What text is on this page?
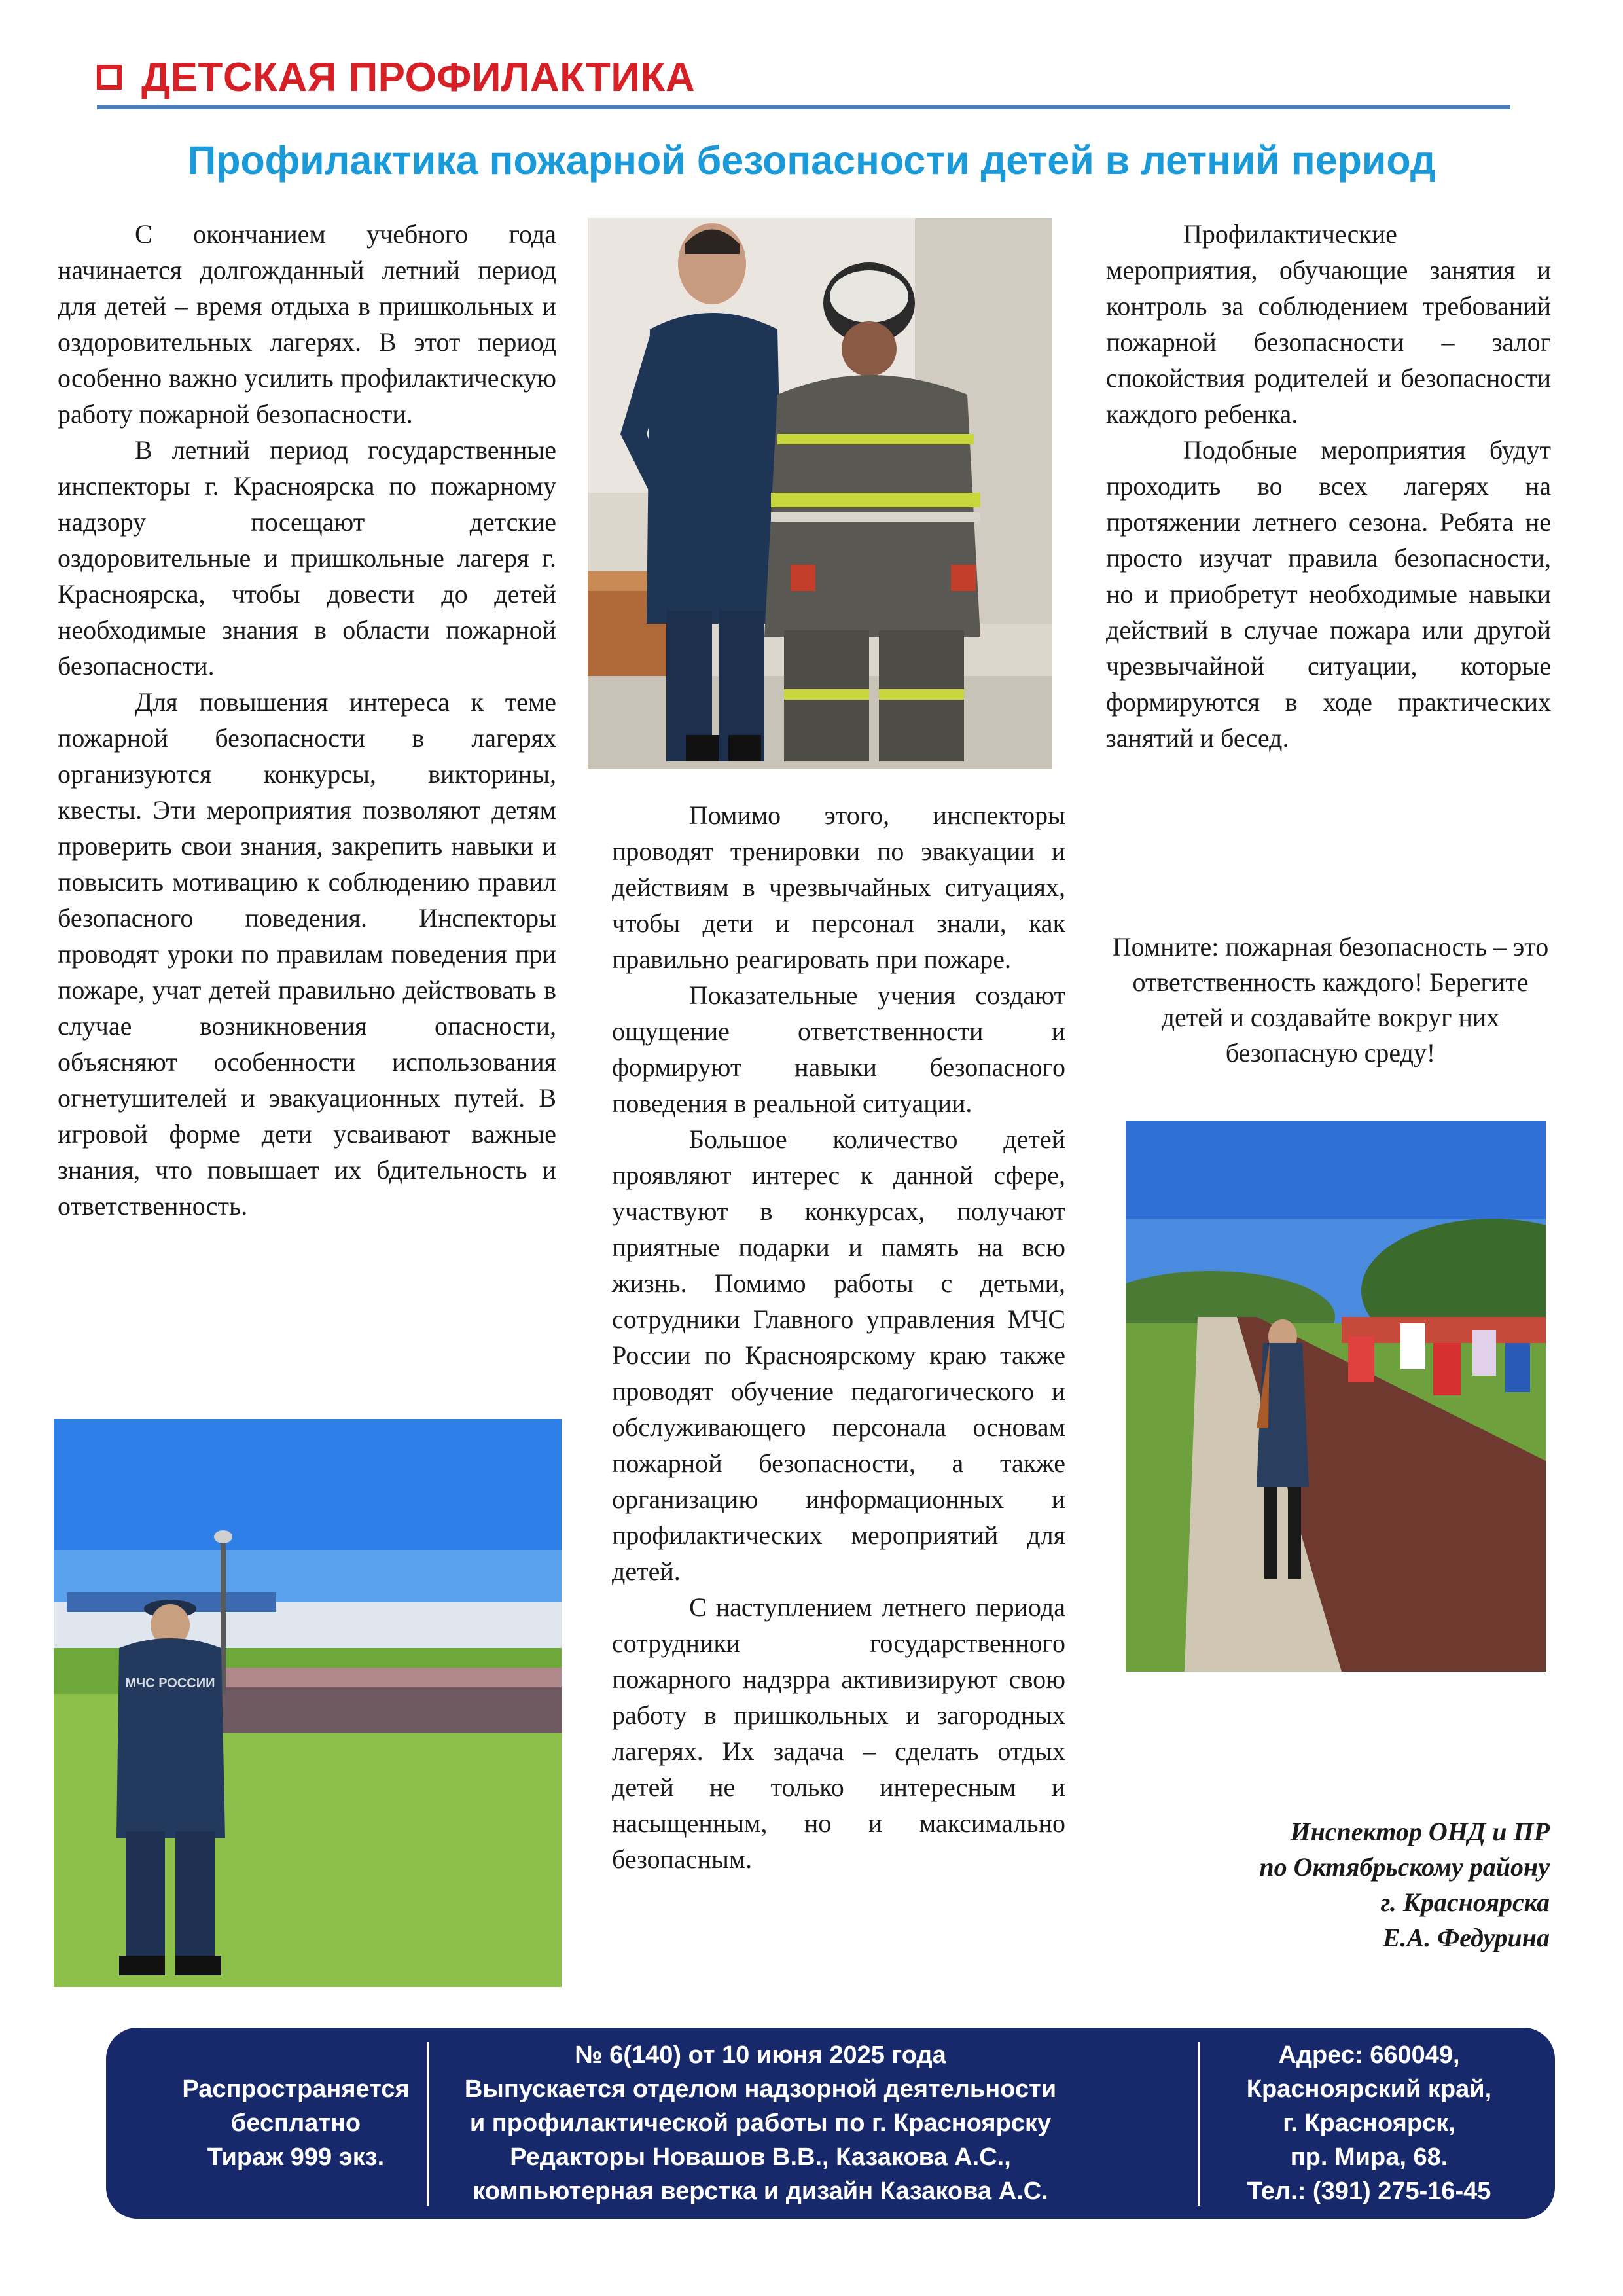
ДЕТСКАЯ ПРОФИЛАКТИКА
Профилактика пожарной безопасности детей в летний период

С окончанием учебного года начинается долгожданный летний период для детей – время отдыха в пришкольных и оздоровительных лагерях. В этот период особенно важно усилить профилактическую работу пожарной безопасности.

В летний период государственные инспекторы г. Красноярска по пожарному надзору посещают детские оздоровительные и пришкольные лагеря г. Красноярска, чтобы довести до детей необходимые знания в области пожарной безопасности.

Для повышения интереса к теме пожарной безопасности в лагерях организуются конкурсы, викторины, квесты. Эти мероприятия позволяют детям проверить свои знания, закрепить навыки и повысить мотивацию к соблюдению правил безопасного поведения. Инспекторы проводят уроки по правилам поведения при пожаре, учат детей правильно действовать в случае возникновения опасности, объясняют особенности использования огнетушителей и эвакуационных путей. В игровой форме дети усваивают важные знания, что повышает их бдительность и ответственность.

Помимо этого, инспекторы проводят тренировки по эвакуации и действиям в чрезвычайных ситуациях, чтобы дети и персонал знали, как правильно реагировать при пожаре.

Показательные учения создают ощущение ответственности и формируют навыки безопасного поведения в реальной ситуации.

Большое количество детей проявляют интерес к данной сфере, участвуют в конкурсах, получают приятные подарки и память на всю жизнь. Помимо работы с детьми, сотрудники Главного управления МЧС России по Красноярскому краю также проводят обучение педагогического и обслуживающего персонала основам пожарной безопасности, а также организацию информационных и профилактических мероприятий для детей.

С наступлением летнего периода сотрудники государственного пожарного надзрра активизируют свою работу в пришкольных и загородных лагерях. Их задача – сделать отдых детей не только интересным и насыщенным, но и максимально безопасным.

Профилактические мероприятия, обучающие занятия и контроль за соблюдением требований пожарной безопасности – залог спокойствия родителей и безопасности каждого ребенка.

Подобные мероприятия будут проходить во всех лагерях на протяжении летнего сезона. Ребята не просто изучат правила безопасности, но и приобретут необходимые навыки действий в случае пожара или другой чрезвычайной ситуации, которые формируются в ходе практических занятий и бесед.

Помните: пожарная безопасность – это ответственность каждого! Берегите детей и создавайте вокруг них безопасную среду!
МЧС РОССИИ
Инспектор ОНД и ПР
по Октябрьскому району
г. Красноярска
Е.А. Федурина
Распространяется
бесплатно
Тираж 999 экз.
№ 6(140) от 10 июня 2025 года
Выпускается отделом надзорной деятельности
и профилактической работы по г. Красноярску
Редакторы Новашов В.В., Казакова А.С.,
компьютерная верстка и дизайн Казакова А.С.
Адрес: 660049,
Красноярский край,
г. Красноярск,
пр. Мира, 68.
Тел.: (391) 275-16-45
